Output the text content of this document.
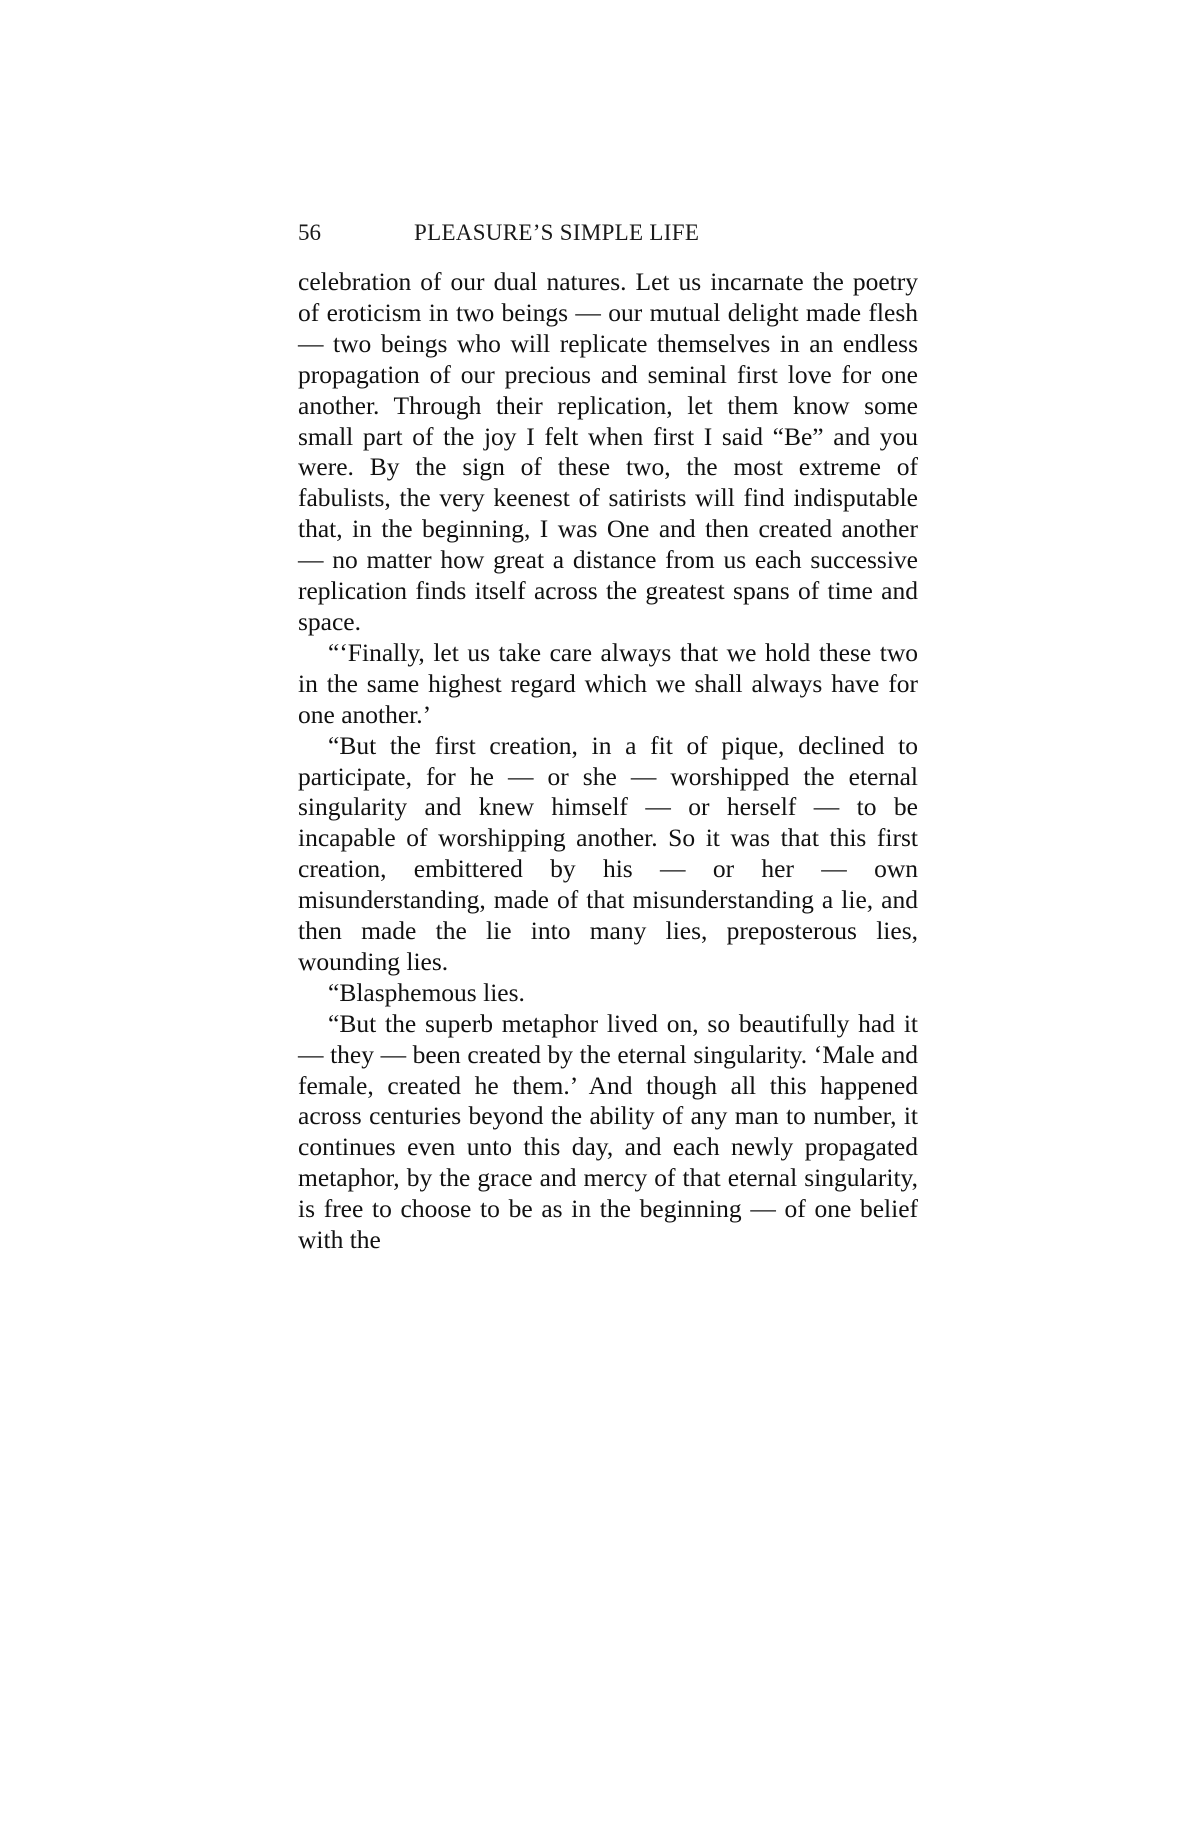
56	PLEASURE’S SIMPLE LIFE

celebration of our dual natures. Let us incarnate the poetry of eroticism in two beings — our mutual delight made flesh — two beings who will replicate themselves in an endless propagation of our precious and seminal first love for one another. Through their replication, let them know some small part of the joy I felt when first I said “Be” and you were. By the sign of these two, the most extreme of fabulists, the very keenest of satirists will find indisputable that, in the beginning, I was One and then created another — no matter how great a distance from us each successive replication finds itself across the greatest spans of time and space.

“‘Finally, let us take care always that we hold these two in the same highest regard which we shall always have for one another.’

“But the first creation, in a fit of pique, declined to participate, for he — or she — worshipped the eternal singularity and knew himself — or herself — to be incapable of worshipping another. So it was that this first creation, embittered by his — or her — own misunderstanding, made of that misunderstanding a lie, and then made the lie into many lies, preposterous lies, wounding lies.

“Blasphemous lies.

“But the superb metaphor lived on, so beautifully had it — they — been created by the eternal singularity. ‘Male and female, created he them.’ And though all this happened across centuries beyond the ability of any man to number, it continues even unto this day, and each newly propagated metaphor, by the grace and mercy of that eternal singularity, is free to choose to be as in the beginning — of one belief with the
